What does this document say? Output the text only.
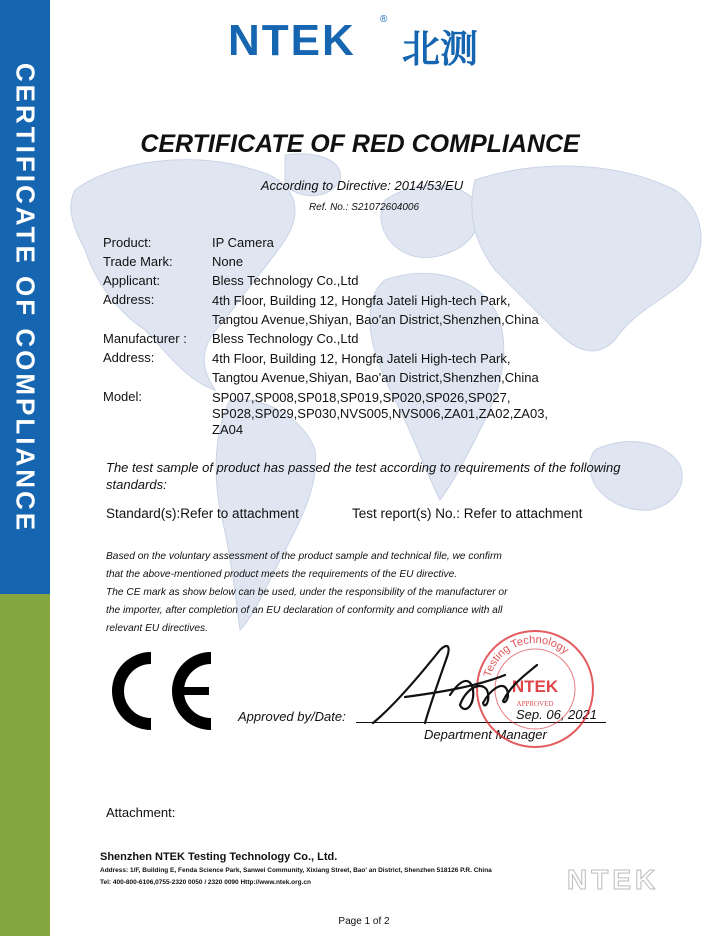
CERTIFICATE OF COMPLIANCE
NTEK ®
北测
CERTIFICATE OF RED COMPLIANCE
According to Directive: 2014/53/EU
Ref. No.: S21072604006
Product:	IP Camera
Trade Mark:	None
Applicant:	Bless Technology Co.,Ltd
Address:	4th Floor, Building 12, Hongfa Jateli High-tech Park,
Tangtou Avenue,Shiyan, Bao'an District,Shenzhen,China
Manufacturer : Bless Technology Co.,Ltd
Address:	4th Floor, Building 12, Hongfa Jateli High-tech Park,
Tangtou Avenue,Shiyan, Bao'an District,Shenzhen,China
Model:	SP007,SP008,SP018,SP019,SP020,SP026,SP027,
SP028,SP029,SP030,NVS005,NVS006,ZA01,ZA02,ZA03,
ZA04
The test sample of product has passed the test according to requirements of the following standards:
Standard(s):Refer to attachment	Test report(s) No.: Refer to attachment
Based on the voluntary assessment of the product sample and technical file, we confirm
that the above-mentioned product meets the requirements of the EU directive.
The CE mark as show below can be used, under the responsibility of the manufacturer or
the importer, after completion of an EU declaration of conformity and compliance with all
relevant EU directives.
Approved by/Date:	Sep. 06, 2021
Department Manager
Testing Technology
NTEK
APPROVED
Attachment:
Shenzhen NTEK Testing Technology Co., Ltd.
Address: 1/F, Building E, Fenda Science Park, Sanwei Community, Xixiang Street, Bao' an District, Shenzhen 518126 P.R. China
Tel: 400-800-6106,0755-2320 0050 / 2320 0090 Http://www.ntek.org.cn	NTEK
Page 1 of 2
